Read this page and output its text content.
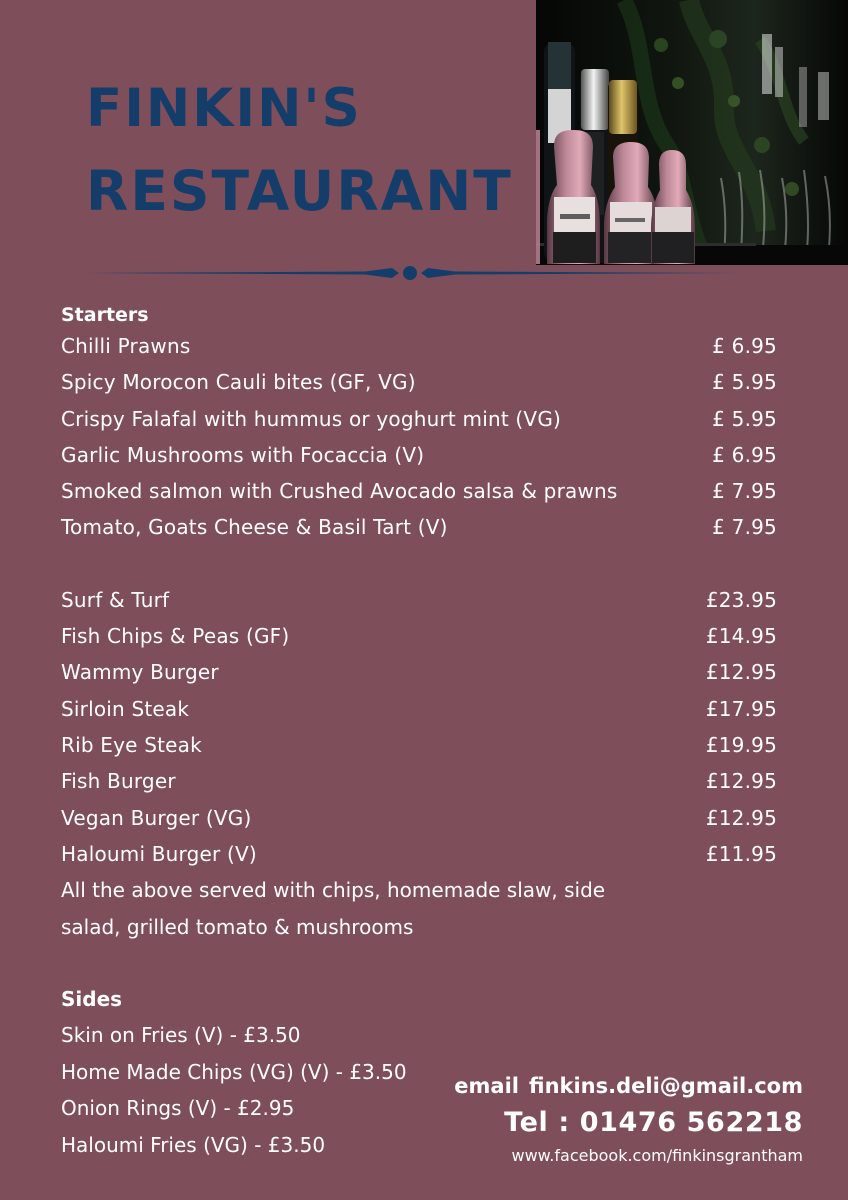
FINKIN'S
RESTAURANT
Starters
Chilli Prawns	£ 6.95
Spicy Morocon Cauli bites (GF, VG)	£ 5.95
Crispy Falafal with hummus or yoghurt mint (VG)	£ 5.95
Garlic Mushrooms with Focaccia (V)	£ 6.95
Smoked salmon with Crushed Avocado salsa & prawns	£ 7.95
Tomato, Goats Cheese & Basil Tart (V)	£ 7.95
Surf & Turf	£23.95
Fish Chips & Peas (GF)	£14.95
Wammy Burger	£12.95
Sirloin Steak	£17.95
Rib Eye Steak	£19.95
Fish Burger	£12.95
Vegan Burger (VG)	£12.95
Haloumi Burger (V)	£11.95

All the above served with chips, homemade slaw, side salad, grilled tomato & mushrooms

Sides
Skin on Fries (V) - £3.50
Home Made Chips (VG) (V) - £3.50
Onion Rings (V) - £2.95
Haloumi Fries (VG) - £3.50
email finkins.deli@gmail.com
Tel : 01476 562218
www.facebook.com/finkinsgrantham
